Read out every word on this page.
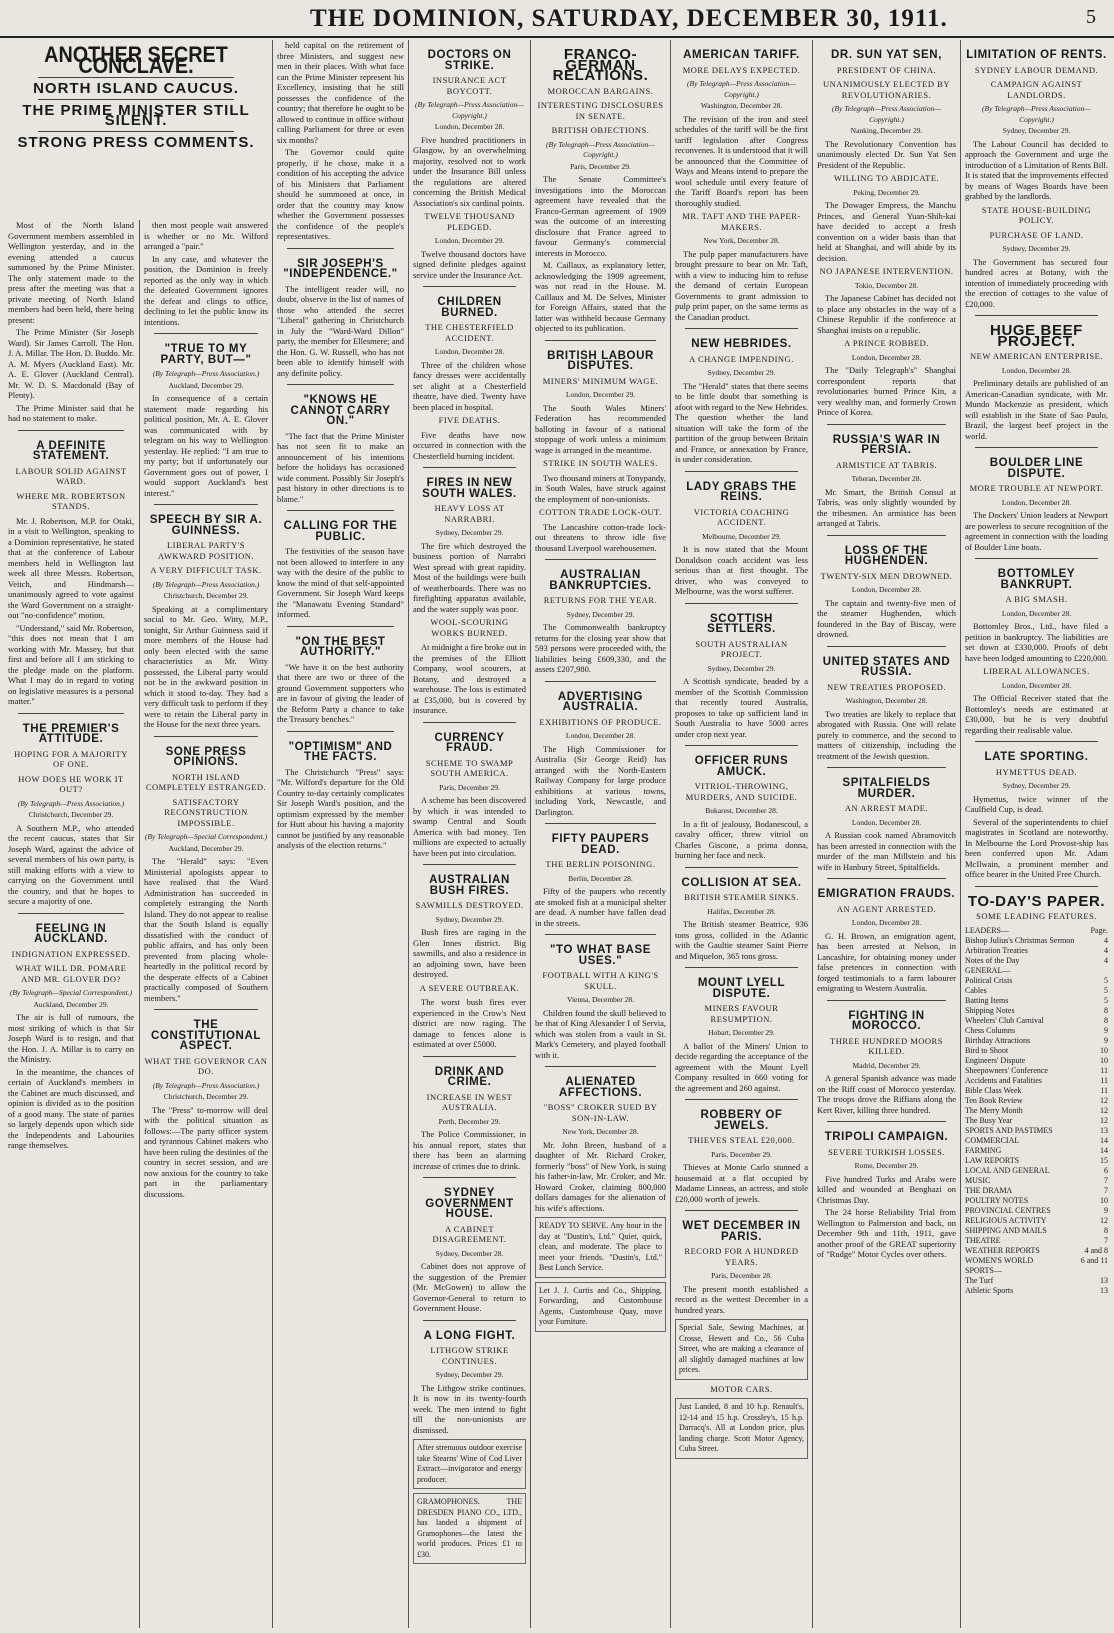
THE DOMINION, SATURDAY, DECEMBER 30, 1911.	5
ANOTHER SECRET CONCLAVE.
NORTH ISLAND CAUCUS.
THE PRIME MINISTER STILL SILENT.
STRONG PRESS COMMENTS.

Most of the North Island Government members assembled in Wellington yesterday, and in the evening attended a caucus summoned by the Prime Minister. The only statement made to the press after the meeting was that a private meeting of North Island members had been held, there being present:

The Prime Minister (Sir Joseph Ward). Sir James Carroll. The Hon. J. A. Millar. The Hon. D. Buddo. Mr. A. M. Myers (Auckland East). Mr. A. E. Glover (Auckland Central). Mr. W. D. S. Macdonald (Bay of Plenty).

The Prime Minister said that he had no statement to make.

A DEFINITE STATEMENT.
LABOUR SOLID AGAINST WARD.
WHERE MR. ROBERTSON STANDS.

Mr. J. Robertson, M.P. for Otaki, in a visit to Wellington, speaking to a Dominion representative, he stated that at the conference of Labour members held in Wellington last week all three Messrs. Robertson, Veitch, and Hindmarsh—unanimously agreed to vote against the Ward Government on a straight-out "no-confidence" motion.

"Understand," said Mr. Robertson, "this does not mean that I am working with Mr. Massey, but that first and before all I am sticking to the pledge made on the platform. What I may do in regard to voting on legislative measures is a personal matter."

THE PREMIER'S ATTITUDE.
HOPING FOR A MAJORITY OF ONE.
HOW DOES HE WORK IT OUT?
(By Telegraph—Press Association.)
Christchurch, December 29.

A Southern M.P., who attended the recent caucus, states that Sir Joseph Ward, against the advice of several members of his own party, is still making efforts with a view to carrying on the Government until the country, and that he hopes to secure a majority of one.

FEELING IN AUCKLAND.
INDIGNATION EXPRESSED.
WHAT WILL DR. POMARE AND MR. GLOVER DO?
(By Telegraph—Special Correspondent.)
Auckland, December 29.

The air is full of rumours, the most striking of which is that Sir Joseph Ward is to resign, and that the Hon. J. A. Millar is to carry on the Ministry.

In the meantime, the chances of certain of Auckland's members in the Cabinet are much discussed, and opinion is divided as to the position of a good many. The state of parties so largely depends upon which side the Independents and Labourites range themselves.

then most people wait answered is whether or no Mr. Wilford arranged a "pair."

In any case, and whatever the position, the Dominion is freely reported as the only way in which the defeated Government ignores the defeat and clings to office, declining to let the public know its intentions.

"TRUE TO MY PARTY, BUT—"
(By Telegraph—Press Association.)
Auckland, December 29.

In consequence of a certain statement made regarding his political position, Mr. A. E. Glover was communicated with by telegram on his way to Wellington yesterday. He replied: "I am true to my party; but if unfortunately our Government goes out of power, I would support Auckland's best interest."

SPEECH BY SIR A. GUINNESS.
LIBERAL PARTY'S AWKWARD POSITION.
A VERY DIFFICULT TASK.
(By Telegraph—Press Association.)
Christchurch, December 29.

Speaking at a complimentary social to Mr. Geo. Witty, M.P., tonight, Sir Arthur Guinness said if more members of the House had only been elected with the same characteristics as Mr. Witty possessed, the Liberal party would not be in the awkward position in which it stood to-day. They had a very difficult task to perform if they were to retain the Liberal party in the House for the next three years.

SONE PRESS OPINIONS.
NORTH ISLAND COMPLETELY ESTRANGED.
SATISFACTORY RECONSTRUCTION IMPOSSIBLE.
(By Telegraph—Special Correspondent.)
Auckland, December 29.

The "Herald" says: "Even Ministerial apologists appear to have realised that the Ward Administration has succeeded in completely estranging the North Island. They do not appear to realise that the South Island is equally dissatisfied with the conduct of public affairs, and has only been prevented from placing whole-heartedly in the political record by the desperate effects of a Cabinet practically composed of Southern members."

THE CONSTITUTIONAL ASPECT.
WHAT THE GOVERNOR CAN DO.
(By Telegraph—Press Association.)
Christchurch, December 29.

The "Press" to-morrow will deal with the political situation as follows:—The party officer system and tyrannous Cabinet makers who have been ruling the destinies of the country in secret session, and are now anxious for the country to take part in the parliamentary discussions.

held capital on the retirement of three Ministers, and suggest new men in their places. With what face can the Prime Minister represent his Excellency, insisting that he still possesses the confidence of the country; that therefore he ought to be allowed to continue in office without calling Parliament for three or even six months?

The Governor could quite properly, if he chose, make it a condition of his accepting the advice of his Ministers that Parliament should be summoned at once, in order that the country may know whether the Government possesses the confidence of the people's representatives.

SIR JOSEPH'S "INDEPENDENCE."

The intelligent reader will, no doubt, observe in the list of names of those who attended the secret "Liberal" gathering in Christchurch in July the "Ward-Ward Dillon" party, the member for Ellesmere; and the Hon. G. W. Russell, who has not been able to identify himself with any definite policy.

"KNOWS HE CANNOT CARRY ON."

"The fact that the Prime Minister has not seen fit to make an announcement of his intentions before the holidays has occasioned wide comment. Possibly Sir Joseph's past history in other directions is to blame."

CALLING FOR THE PUBLIC.

The festivities of the season have not been allowed to interfere in any way with the desire of the public to know the mind of that self-appointed Government. Sir Joseph Ward keeps the "Manawatu Evening Standard" informed.

"ON THE BEST AUTHORITY."

"We have it on the best authority that there are two or three of the ground Government supporters who are in favour of giving the leader of the Reform Party a chance to take the Treasury benches."

"OPTIMISM" AND THE FACTS.

The Christchurch "Press" says: "Mr. Wilford's departure for the Old Country to-day certainly complicates Sir Joseph Ward's position, and the optimism expressed by the member for Hutt about his having a majority cannot be justified by any reasonable analysis of the election returns."

DOCTORS ON STRIKE.
INSURANCE ACT BOYCOTT.
(By Telegraph—Press Association—Copyright.)
London, December 28.

Five hundred practitioners in Glasgow, by an overwhelming majority, resolved not to work under the Insurance Bill unless the regulations are altered concerning the British Medical Association's six cardinal points.

TWELVE THOUSAND PLEDGED.
London, December 29.

Twelve thousand doctors have signed definite pledges against service under the Insurance Act.

CHILDREN BURNED.
THE CHESTERFIELD ACCIDENT.
London, December 28.

Three of the children whose fancy dresses were accidentally set alight at a Chesterfield theatre, have died. Twenty have been placed in hospital.

FIVE DEATHS.

Five deaths have now occurred in connection with the Chesterfield burning incident.

FIRES IN NEW SOUTH WALES.
HEAVY LOSS AT NARRABRI.
Sydney, December 29.

The fire which destroyed the business portion of Narrabri West spread with great rapidity. Most of the buildings were built of weatherboards. There was no firefighting apparatus available, and the water supply was poor.

WOOL-SCOURING WORKS BURNED.

At midnight a fire broke out in the premises of the Elliott Company, wool scourers, at Botany, and destroyed a warehouse. The loss is estimated at £35,000, but is covered by insurance.

CURRENCY FRAUD.
SCHEME TO SWAMP SOUTH AMERICA.
Paris, December 29.

A scheme has been discovered by which it was intended to swamp Central and South America with bad money. Ten millions are expected to actually have been put into circulation.

AUSTRALIAN BUSH FIRES.
SAWMILLS DESTROYED.
Sydney, December 29.

Bush fires are raging in the Glen Innes district. Big sawmills, and also a residence in an adjoining town, have been destroyed.

A SEVERE OUTBREAK.

The worst bush fires ever experienced in the Crow's Nest district are now raging. The damage to fences alone is estimated at over £5000.

DRINK AND CRIME.
INCREASE IN WEST AUSTRALIA.
Perth, December 29.

The Police Commissioner, in his annual report, states that there has been an alarming increase of crimes due to drink.

SYDNEY GOVERNMENT HOUSE.
A CABINET DISAGREEMENT.
Sydney, December 28.

Cabinet does not approve of the suggestion of the Premier (Mr. McGowen) to allow the Governor-General to return to Government House.

A LONG FIGHT.
LITHGOW STRIKE CONTINUES.
Sydney, December 29.

The Lithgow strike continues. It is now in its twenty-fourth week. The men intend to fight till the non-unionists are dismissed.

After strenuous outdoor exercise take Stearns' Wine of Cod Liver Extract—invigorator and energy producer.
GRAMOPHONES. THE DRESDEN PIANO CO., LTD., has landed a shipment of Gramophones—the latest the world produces. Prices £1 to £30.
FRANCO-GERMAN RELATIONS.
MOROCCAN BARGAINS.
INTERESTING DISCLOSURES IN SENATE.
BRITISH OBJECTIONS.
(By Telegraph—Press Association—Copyright.)
Paris, December 29.

The Senate Committee's investigations into the Moroccan agreement have revealed that the Franco-German agreement of 1909 was the outcome of an interesting disclosure that France agreed to favour Germany's commercial interests in Morocco.

M. Caillaux, as explanatory letter, acknowledging the 1909 agreement, was not read in the House. M. Caillaux and M. De Selves, Minister for Foreign Affairs, stated that the latter was withheld because Germany objected to its publication.

BRITISH LABOUR DISPUTES.
MINERS' MINIMUM WAGE.
London, December 29.

The South Wales Miners' Federation has recommended balloting in favour of a national stoppage of work unless a minimum wage is arranged in the meantime.

STRIKE IN SOUTH WALES.

Two thousand miners at Tonypandy, in South Wales, have struck against the employment of non-unionists.

COTTON TRADE LOCK-OUT.

The Lancashire cotton-trade lock-out threatens to throw idle five thousand Liverpool warehousemen.

AUSTRALIAN BANKRUPTCIES.
RETURNS FOR THE YEAR.
Sydney, December 29.

The Commonwealth bankruptcy returns for the closing year show that 593 persons were proceeded with, the liabilities being £609,330, and the assets £207,980.

ADVERTISING AUSTRALIA.
EXHIBITIONS OF PRODUCE.
London, December 28.

The High Commissioner for Australia (Sir George Reid) has arranged with the North-Eastern Railway Company for large produce exhibitions at various towns, including York, Newcastle, and Darlington.

FIFTY PAUPERS DEAD.
THE BERLIN POISONING.
Berlin, December 28.

Fifty of the paupers who recently ate smoked fish at a municipal shelter are dead. A number have fallen dead in the streets.

"TO WHAT BASE USES."
FOOTBALL WITH A KING'S SKULL.
Vienna, December 28.

Children found the skull believed to be that of King Alexander I of Servia, which was stolen from a vault in St. Mark's Cemetery, and played football with it.

ALIENATED AFFECTIONS.
"BOSS" CROKER SUED BY SON-IN-LAW.
New York, December 28.

Mr. John Breen, husband of a daughter of Mr. Richard Croker, formerly "boss" of New York, is suing his father-in-law, Mr. Croker, and Mr. Howard Croker, claiming 800,000 dollars damages for the alienation of his wife's affections.

READY TO SERVE. Any hour in the day at "Dustin's, Ltd." Quiet, quick, clean, and moderate. The place to meet your friends. "Dustin's, Ltd." Best Lunch Service.
Let J. J. Curtis and Co., Shipping, Forwarding, and Customhouse Agents, Customhouse Quay, move your Furniture.
AMERICAN TARIFF.
MORE DELAYS EXPECTED.
(By Telegraph—Press Association—Copyright.)
Washington, December 28.

The revision of the iron and steel schedules of the tariff will be the first tariff legislation after Congress reconvenes. It is understood that it will be announced that the Committee of Ways and Means intend to prepare the wool schedule until every feature of the Tariff Board's report has been thoroughly studied.

MR. TAFT AND THE PAPER-MAKERS.
New York, December 28.

The pulp paper manufacturers have brought pressure to bear on Mr. Taft, with a view to inducing him to refuse the demand of certain European Governments to grant admission to pulp print paper, on the same terms as the Canadian product.

NEW HEBRIDES.
A CHANGE IMPENDING.
Sydney, December 29.

The "Herald" states that there seems to be little doubt that something is afoot with regard to the New Hebrides. The question whether the land situation will take the form of the partition of the group between Britain and France, or annexation by France, is under consideration.

LADY GRABS THE REINS.
VICTORIA COACHING ACCIDENT.
Melbourne, December 29.

It is now stated that the Mount Donaldson coach accident was less serious than at first thought. The driver, who was conveyed to Melbourne, was the worst sufferer.

SCOTTISH SETTLERS.
SOUTH AUSTRALIAN PROJECT.
Sydney, December 29.

A Scottish syndicate, headed by a member of the Scottish Commission that recently toured Australia, proposes to take up sufficient land in South Australia to have 5000 acres under crop next year.

OFFICER RUNS AMUCK.
VITRIOL-THROWING, MURDERS, AND SUICIDE.
Bukarest, December 28.

In a fit of jealousy, Bodanescoul, a cavalry officer, threw vitriol on Charles Giscone, a prima donna, burning her face and neck.

COLLISION AT SEA.
BRITISH STEAMER SINKS.
Halifax, December 28.

The British steamer Beatrice, 936 tons gross, collided in the Atlantic with the Gaultie steamer Saint Pierre and Miquelon, 365 tons gross.

MOUNT LYELL DISPUTE.
MINERS FAVOUR RESUMPTION.
Hobart, December 29.

A ballot of the Miners' Union to decide regarding the acceptance of the agreement with the Mount Lyell Company resulted in 660 voting for the agreement and 260 against.

ROBBERY OF JEWELS.
THIEVES STEAL £20,000.
Paris, December 29.

Thieves at Monte Carlo stunned a housemaid at a flat occupied by Madame Linneas, an actress, and stole £20,000 worth of jewels.

WET DECEMBER IN PARIS.
RECORD FOR A HUNDRED YEARS.
Paris, December 28.

The present month established a record as the wettest December in a hundred years.

Special Sale, Sewing Machines, at Crosse, Hewett and Co., 56 Cuba Street, who are making a clearance of all slightly damaged machines at low prices.
MOTOR CARS.
Just Landed, 8 and 10 h.p. Renault's, 12-14 and 15 h.p. Crossley's, 15 h.p. Darracq's. All at London price, plus landing charge. Scott Motor Agency, Cuba Street.
DR. SUN YAT SEN,
PRESIDENT OF CHINA.
UNANIMOUSLY ELECTED BY REVOLUTIONARIES.
(By Telegraph—Press Association—Copyright.)
Nanking, December 29.

The Revolutionary Convention has unanimously elected Dr. Sun Yat Sen President of the Republic.

WILLING TO ABDICATE.
Peking, December 29.

The Dowager Empress, the Manchu Princes, and General Yuan-Shih-kai have decided to accept a fresh convention on a wider basis than that held at Shanghai, and will abide by its decision.

NO JAPANESE INTERVENTION.
Tokio, December 28.

The Japanese Cabinet has decided not to place any obstacles in the way of a Chinese Republic if the conference at Shanghai insists on a republic.

A PRINCE ROBBED.
London, December 28.

The "Daily Telegraph's" Shanghai correspondent reports that revolutionaries burned Prince Kin, a very wealthy man, and formerly Crown Prince of Korea.

RUSSIA'S WAR IN PERSIA.
ARMISTICE AT TABRIS.
Teheran, December 28.

Mr. Smart, the British Consul at Tabris, was only slightly wounded by the tribesmen. An armistice has been arranged at Tabris.

LOSS OF THE HUGHENDEN.
TWENTY-SIX MEN DROWNED.
London, December 28.

The captain and twenty-five men of the steamer Hughenden, which foundered in the Bay of Biscay, were drowned.

UNITED STATES AND RUSSIA.
NEW TREATIES PROPOSED.
Washington, December 28.

Two treaties are likely to replace that abrogated with Russia. One will relate purely to commerce, and the second to matters of citizenship, including the treatment of the Jewish question.

SPITALFIELDS MURDER.
AN ARREST MADE.
London, December 28.

A Russian cook named Abramovitch has been arrested in connection with the murder of the man Millstein and his wife in Hanbury Street, Spitalfields.

EMIGRATION FRAUDS.
AN AGENT ARRESTED.
London, December 28.

G. H. Brown, an emigration agent, has been arrested at Nelson, in Lancashire, for obtaining money under false pretences in connection with forged testimonials to a farm labourer emigrating to Western Australia.

FIGHTING IN MOROCCO.
THREE HUNDRED MOORS KILLED.
Madrid, December 29.

A general Spanish advance was made on the Riff coast of Morocco yesterday. The troops drove the Riffians along the Kert River, killing three hundred.

TRIPOLI CAMPAIGN.
SEVERE TURKISH LOSSES.
Rome, December 29.

Five hundred Turks and Arabs were killed and wounded at Benghazi on Christmas Day.

The 24 horse Reliability Trial from Wellington to Palmerston and back, on December 9th and 11th, 1911, gave another proof of the GREAT superiority of "Rudge" Motor Cycles over others.

LIMITATION OF RENTS.
SYDNEY LABOUR DEMAND.
CAMPAIGN AGAINST LANDLORDS.
(By Telegraph—Press Association—Copyright.)
Sydney, December 29.

The Labour Council has decided to approach the Government and urge the introduction of a Limitation of Rents Bill. It is stated that the improvements effected by means of Wages Boards have been grabbed by the landlords.

STATE HOUSE-BUILDING POLICY.
PURCHASE OF LAND.
Sydney, December 29.

The Government has secured four hundred acres at Botany, with the intention of immediately proceeding with the erection of cottages to the value of £20,000.

HUGE BEEF PROJECT.
NEW AMERICAN ENTERPRISE.
London, December 28.

Preliminary details are published of an American-Canadian syndicate, with Mr. Mundo Mackenzie as president, which will establish in the State of Sao Paulo, Brazil, the largest beef project in the world.

BOULDER LINE DISPUTE.
MORE TROUBLE AT NEWPORT.
London, December 28.

The Dockers' Union leaders at Newport are powerless to secure recognition of the agreement in connection with the loading of Boulder Line boats.

BOTTOMLEY BANKRUPT.
A BIG SMASH.
London, December 28.

Bottomley Bros., Ltd., have filed a petition in bankruptcy. The liabilities are set down at £330,000. Proofs of debt have been lodged amounting to £220,000.

LIBERAL ALLOWANCES.
London, December 28.

The Official Receiver stated that the Bottomley's needs are estimated at £30,000, but he is very doubtful regarding their realisable value.

LATE SPORTING.
HYMETTUS DEAD.
Sydney, December 29.

Hymettus, twice winner of the Caulfield Cup, is dead.

Several of the superintendents to chief magistrates in Scotland are noteworthy. In Melbourne the Lord Provost-ship has been conferred upon Mr. Adam McIlwain, a prominent member and office bearer in the United Free Church.

TO-DAY'S PAPER.
SOME LEADING FEATURES.
LEADERS—	Page.
Bishop Julius's Christmas Sermon	4
Arbitration Treaties	4
Notes of the Day	4
GENERAL—
Political Crisis	5
Cables	5
Batting Items	5
Shipping Notes	8
Wheelers' Club Carnival	8
Chess Columns	9
Birthday Attractions	9
Bird to Shoot	10
Engineers' Dispute	10
Sheepowners' Conference	11
Accidents and Fatalities	11
Bible Class Week	11
Ten Book Review	12
The Merry Month	12
The Busy Year	12
SPORTS AND PASTIMES	13
COMMERCIAL	14
FARMING	14
LAW REPORTS	15
LOCAL AND GENERAL	6
MUSIC	7
THE DRAMA	7
POULTRY NOTES	10
PROVINCIAL CENTRES	9
RELIGIOUS ACTIVITY	12
SHIPPING AND MAILS	8
THEATRE	7
WEATHER REPORTS	4 and 8
WOMEN'S WORLD	6 and 11
SPORTS—
The Turf	13
Athletic Sports	13
